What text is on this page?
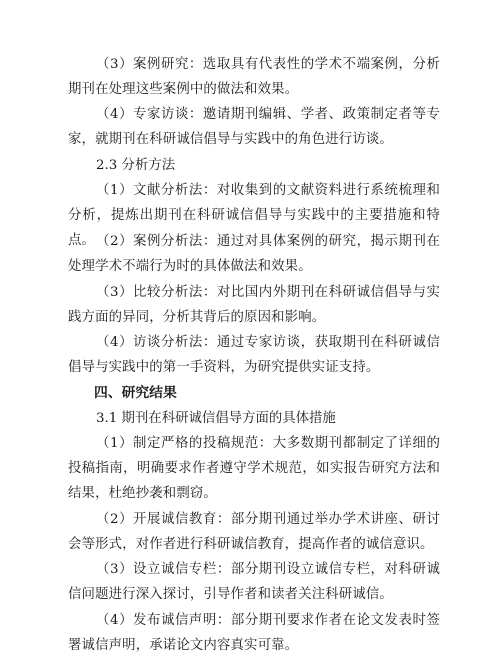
（3）案例研究：选取具有代表性的学术不端案例，分析期刊在处理这些案例中的做法和效果。

（4）专家访谈：邀请期刊编辑、学者、政策制定者等专家，就期刊在科研诚信倡导与实践中的角色进行访谈。

2.3 分析方法

（1）文献分析法：对收集到的文献资料进行系统梳理和分析，提炼出期刊在科研诚信倡导与实践中的主要措施和特点。 （2）案例分析法：通过对具体案例的研究，揭示期刊在处理学术不端行为时的具体做法和效果。

（3）比较分析法：对比国内外期刊在科研诚信倡导与实践方面的异同，分析其背后的原因和影响。

（4）访谈分析法：通过专家访谈，获取期刊在科研诚信倡导与实践中的第一手资料，为研究提供实证支持。

四、研究结果

3.1 期刊在科研诚信倡导方面的具体措施

（1）制定严格的投稿规范：大多数期刊都制定了详细的投稿指南，明确要求作者遵守学术规范，如实报告研究方法和结果，杜绝抄袭和剽窃。

（2）开展诚信教育：部分期刊通过举办学术讲座、研讨会等形式，对作者进行科研诚信教育，提高作者的诚信意识。

（3）设立诚信专栏：部分期刊设立诚信专栏，对科研诚信问题进行深入探讨，引导作者和读者关注科研诚信。

（4）发布诚信声明：部分期刊要求作者在论文发表时签署诚信声明，承诺论文内容真实可靠。
